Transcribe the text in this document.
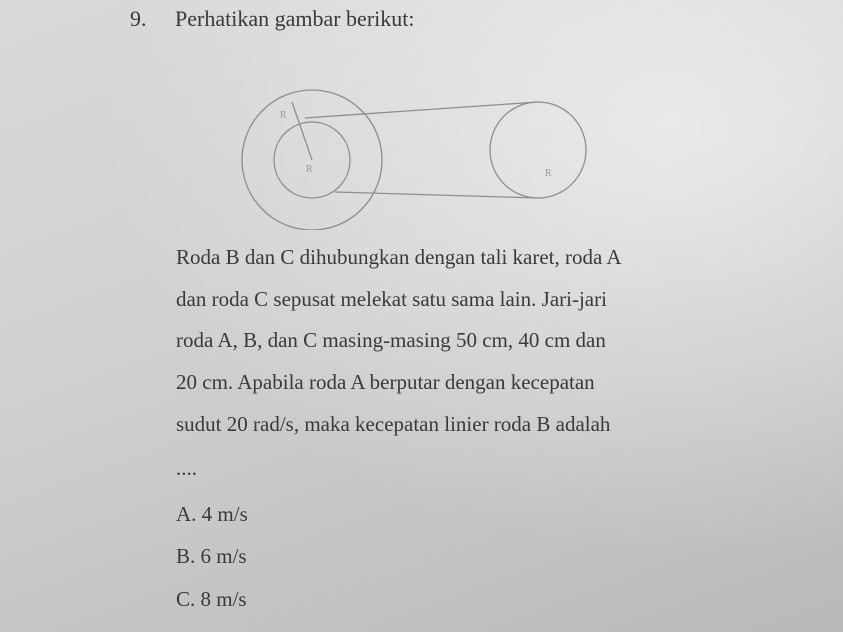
9. Perhatikan gambar berikut:
R
R	R
Roda B dan C dihubungkan dengan tali karet, roda A
dan roda C sepusat melekat satu sama lain. Jari-jari
roda A, B, dan C masing-masing 50 cm, 40 cm dan
20 cm. Apabila roda A berputar dengan kecepatan
sudut 20 rad/s, maka kecepatan linier roda B adalah
....
A. 4 m/s
B. 6 m/s
C. 8 m/s
